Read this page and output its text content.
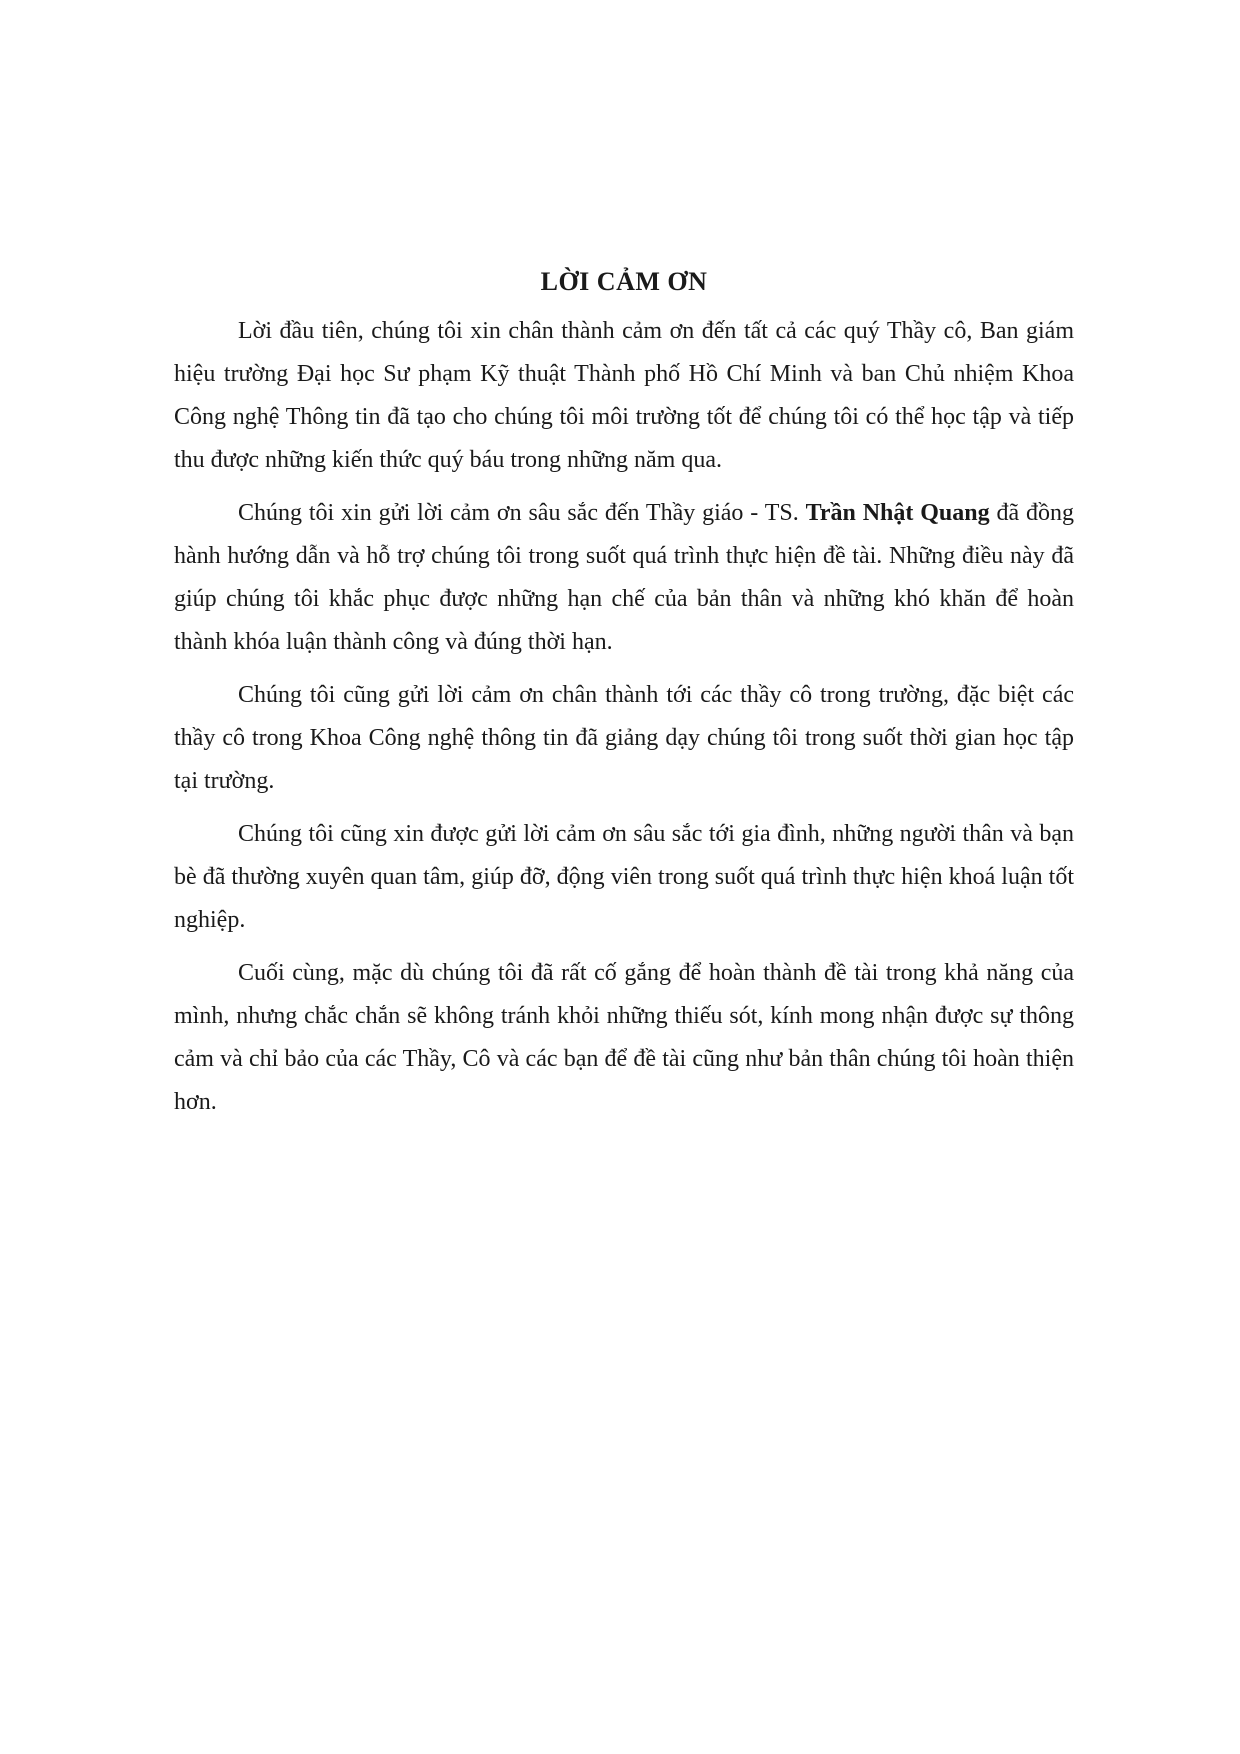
LỜI CẢM ƠN

Lời đầu tiên, chúng tôi xin chân thành cảm ơn đến tất cả các quý Thầy cô, Ban giám hiệu trường Đại học Sư phạm Kỹ thuật Thành phố Hồ Chí Minh và ban Chủ nhiệm Khoa Công nghệ Thông tin đã tạo cho chúng tôi môi trường tốt để chúng tôi có thể học tập và tiếp thu được những kiến thức quý báu trong những năm qua.

Chúng tôi xin gửi lời cảm ơn sâu sắc đến Thầy giáo - TS. Trần Nhật Quang đã đồng hành hướng dẫn và hỗ trợ chúng tôi trong suốt quá trình thực hiện đề tài. Những điều này đã giúp chúng tôi khắc phục được những hạn chế của bản thân và những khó khăn để hoàn thành khóa luận thành công và đúng thời hạn.

Chúng tôi cũng gửi lời cảm ơn chân thành tới các thầy cô trong trường, đặc biệt các thầy cô trong Khoa Công nghệ thông tin đã giảng dạy chúng tôi trong suốt thời gian học tập tại trường.

Chúng tôi cũng xin được gửi lời cảm ơn sâu sắc tới gia đình, những người thân và bạn bè đã thường xuyên quan tâm, giúp đỡ, động viên trong suốt quá trình thực hiện khoá luận tốt nghiệp.

Cuối cùng, mặc dù chúng tôi đã rất cố gắng để hoàn thành đề tài trong khả năng của mình, nhưng chắc chắn sẽ không tránh khỏi những thiếu sót, kính mong nhận được sự thông cảm và chỉ bảo của các Thầy, Cô và các bạn để đề tài cũng như bản thân chúng tôi hoàn thiện hơn.
